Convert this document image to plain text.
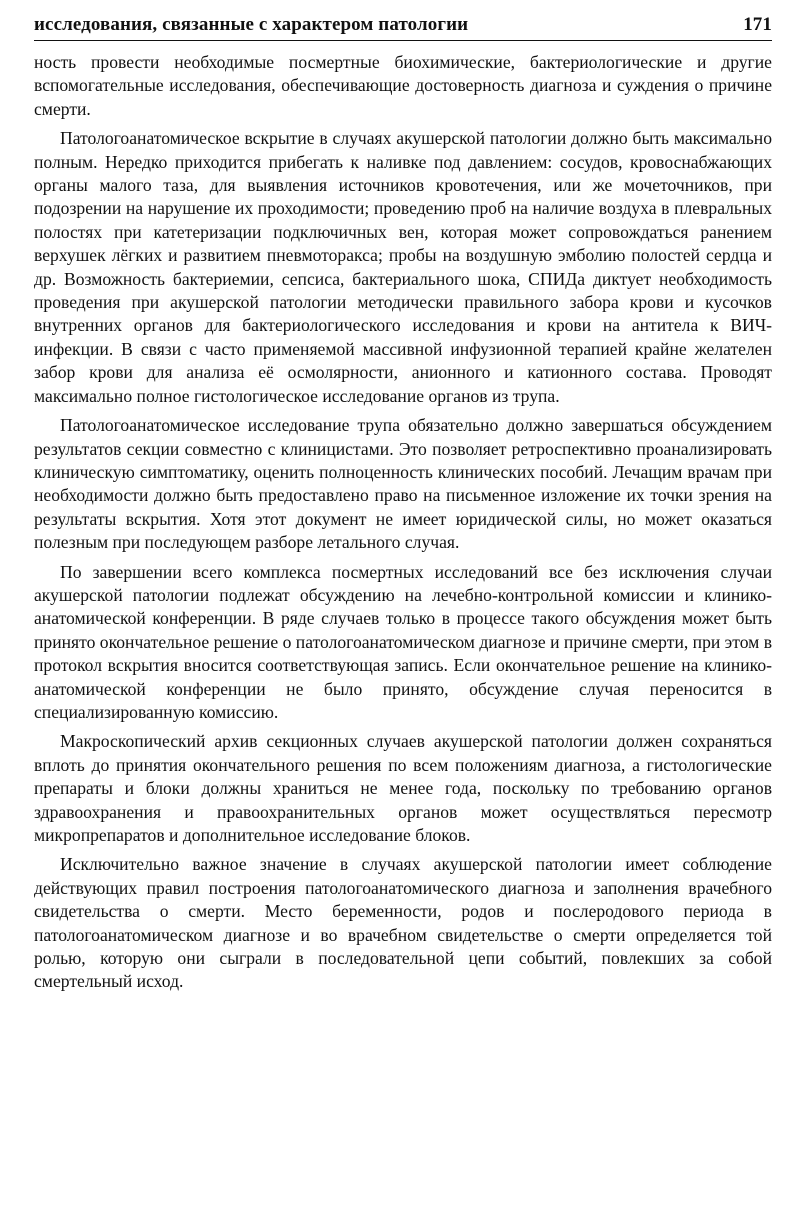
исследования, связанные с характером патологии	171

ность провести необходимые посмертные биохимические, бактериологические и другие вспомогательные исследования, обеспечивающие достоверность диагноза и суждения о причине смерти.

Патологоанатомическое вскрытие в случаях акушерской патологии должно быть максимально полным. Нередко приходится прибегать к наливке под давлением: сосудов, кровоснабжающих органы малого таза, для выявления источников кровотечения, или же мочеточников, при подозрении на нарушение их проходимости; проведению проб на наличие воздуха в плевральных полостях при катетеризации подключичных вен, которая может сопровождаться ранением верхушек лёгких и развитием пневмоторакса; пробы на воздушную эмболию полостей сердца и др. Возможность бактериемии, сепсиса, бактериального шока, СПИДа диктует необходимость проведения при акушерской патологии методически правильного забора крови и кусочков внутренних органов для бактериологического исследования и крови на антитела к ВИЧ-инфекции. В связи с часто применяемой массивной инфузионной терапией крайне желателен забор крови для анализа её осмолярности, анионного и катионного состава. Проводят максимально полное гистологическое исследование органов из трупа.

Патологоанатомическое исследование трупа обязательно должно завершаться обсуждением результатов секции совместно с клиницистами. Это позволяет ретроспективно проанализировать клиническую симптоматику, оценить полноценность клинических пособий. Лечащим врачам при необходимости должно быть предоставлено право на письменное изложение их точки зрения на результаты вскрытия. Хотя этот документ не имеет юридической силы, но может оказаться полезным при последующем разборе летального случая.

По завершении всего комплекса посмертных исследований все без исключения случаи акушерской патологии подлежат обсуждению на лечебно-контрольной комиссии и клинико-анатомической конференции. В ряде случаев только в процессе такого обсуждения может быть принято окончательное решение о патологоанатомическом диагнозе и причине смерти, при этом в протокол вскрытия вносится соответствующая запись. Если окончательное решение на клинико-анатомической конференции не было принято, обсуждение случая переносится в специализированную комиссию.

Макроскопический архив секционных случаев акушерской патологии должен сохраняться вплоть до принятия окончательного решения по всем положениям диагноза, а гистологические препараты и блоки должны храниться не менее года, поскольку по требованию органов здравоохранения и правоохранительных органов может осуществляться пересмотр микропрепаратов и дополнительное исследование блоков.

Исключительно важное значение в случаях акушерской патологии имеет соблюдение действующих правил построения патологоанатомического диагноза и заполнения врачебного свидетельства о смерти. Место беременности, родов и послеродового периода в патологоанатомическом диагнозе и во врачебном свидетельстве о смерти определяется той ролью, которую они сыграли в последовательной цепи событий, повлекших за собой смертельный исход.
